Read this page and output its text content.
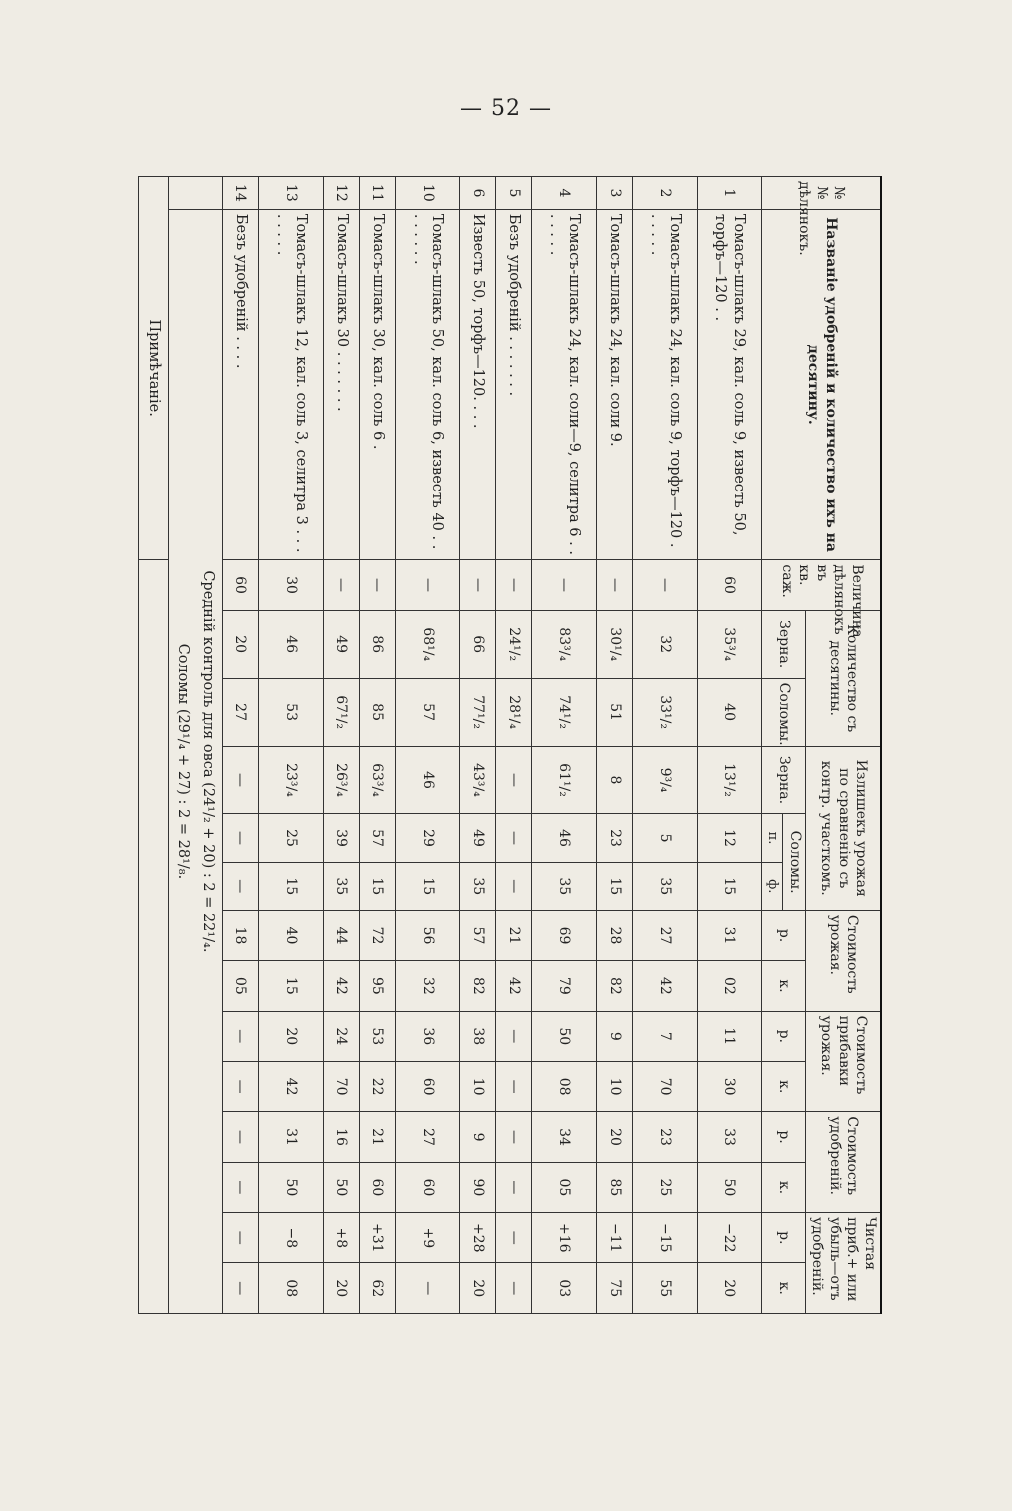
— 52 —
№№ дѣлянокъ.	Названіе удобреній и количество ихъ на десятину.	Величина дѣлянокъ въ кв. саж.	Количество съ десятины.		Излишекъ урожая по сравненію съ контр. участкомъ.			Стоимость урожая.		Стоимость прибавки урожая.		Стоимость удобреній.		Чистая приб.+ или убыль—отъ удобреній.	
			Зерна.	Соломы.	Зерна.	Соломы.		р.	к.	р.	к.	р.	к.	р.	к.
						п.	ф.								
1	Томасъ-шлакъ 29, кал. соль 9, известь 50, торфъ—120 . .	60	35³/₄	40	13¹/₂	12	15	31	02	11	30	33	50	−22	20
2	Томасъ-шлакъ 24, кал. соль 9, торфъ—120 . . . . . .	—	32	33¹/₂	9³/₄	5	35	27	42	7	70	23	25	−15	55
3	Томасъ-шлакъ 24, кал. соли 9.	—	30¹/₄	51	8	23	15	28	82	9	10	20	85	−11	75
4	Томасъ-шлакъ 24, кал. соли—9, селитра 6 . . . . . . .	—	83³/₄	74¹/₂	61¹/₂	46	35	69	79	50	08	34	05	+16	03
5	Безъ удобреній . . . . . . .	—	24¹/₂	28¹/₄	—	—	—	21	42	—	—	—	—	—	—
6	Известь 50, торфъ—120. . . .	—	66	77¹/₂	43³/₄	49	35	57	82	38	10	9	90	+28	20
10	Томасъ-шлакъ 50, кал. соль 6, известь 40 . . . . . . . .	—	68¹/₄	57	46	29	15	56	32	36	60	27	60	+9	—
11	Томасъ-шлакъ 30, кал. соль 6 .	—	86	85	63³/₄	57	15	72	95	53	22	21	60	+31	62
12	Томасъ-шлакъ 30 . . . . . . .	—	49	67¹/₂	26³/₄	39	35	44	42	24	70	16	50	+8	20
13	Томасъ-шлакъ 12, кал. соль 3, селитра 3 . . . . . . . .	30	46	53	23³/₄	25	15	40	15	20	42	31	50	−8	08
14	Безъ удобреній . . . .	60	20	27	—	—	—	18	05	—	—	—	—	—	—

	Среднiй контроль для овса (24¹/₂ + 20) : 2 = 22¹/₄.
Соломы (29¹/₄ + 27) : 2 = 28¹/₈.														

Примѣчаніе.															
